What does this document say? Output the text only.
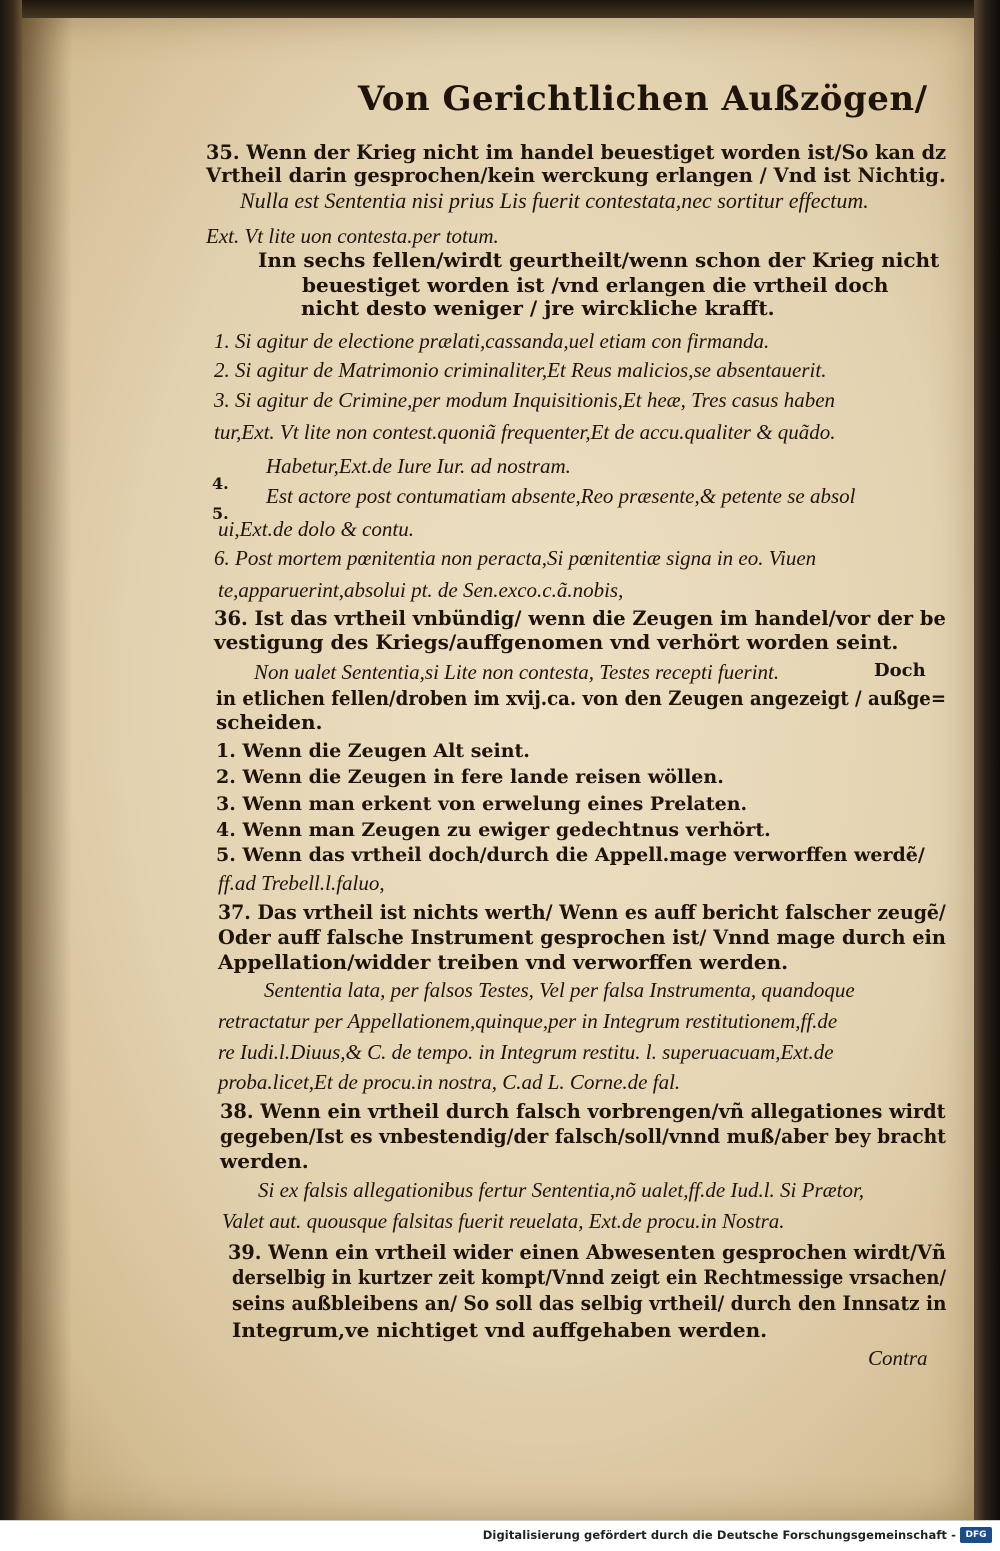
Von Gerichtlichen Außzögen/
35. Wenn der Krieg nicht im handel beuestiget worden ist/So kan dz
Vrtheil darin gesprochen/kein werckung erlangen / Vnd ist Nichtig.
Nulla est Sententia nisi prius Lis fuerit contestata,nec sortitur effectum.
Ext. Vt lite uon contesta.per totum.
Inn sechs fellen/wirdt geurtheilt/wenn schon der Krieg nicht
beuestiget worden ist /vnd erlangen die vrtheil doch
nicht desto weniger / jre wircklichе krafft.
1. Si agitur de electione prælati,cassanda,uel etiam con firmanda.
2. Si agitur de Matrimonio criminaliter,Et Reus malicios,se absentauerit.
3. Si agitur de Crimine,per modum Inquisitionis,Et heæ, Tres casus haben
tur,Ext. Vt lite non contest.quoniã frequenter,Et de accu.qualiter & quãdo.
Habetur,Ext.de Iure Iur. ad nostram.
4.
Est actore post contumatiam absente,Reo præsente,& petente se absol
5.
ui,Ext.de dolo & contu.
6. Post mortem pœnitentia non peracta,Si pœnitentiæ signa in eo. Viuen
te,apparuerint,absolui pt. de Sen.exco.c.ã.nobis,
36. Ist das vrtheil vnbündig/ wenn die Zeugen im handel/vor der be
vestigung des Kriegs/auffgenomen vnd verhört worden seint.
Non ualet Sententia,si Lite non contesta, Testes recepti fuerint.	Doch
in etlichen fellen/droben im xvij.ca. von den Zeugen angezeigt / außge=
scheiden.
1. Wenn die Zeugen Alt seint.
2. Wenn die Zeugen in fere lande reisen wöllen.
3. Wenn man erkent von erwelung eines Prelaten.
4. Wenn man Zeugen zu ewiger gedechtnus verhört.
5. Wenn das vrtheil doch/durch die Appell.mage verworffen werdẽ/
ff.ad Trebell.l.faluo,
37. Das vrtheil ist nichts werth/ Wenn es auff bericht falscher zeugẽ/
Oder auff falsche Instrument gesprochen ist/ Vnnd mage durch ein
Appellation/widder treiben vnd verworffen werden.
Sententia lata, per falsos Testes, Vel per falsa Instrumenta, quandoque
retractatur per Appellationem,quinque,per in Integrum restitutionem,ff.de
re Iudi.l.Diuus,& C. de tempo. in Integrum restitu. l. superuacuam,Ext.de
proba.licet,Et de procu.in nostra, C.ad L. Corne.de fal.
38. Wenn ein vrtheil durch falsch vorbrengen/vñ allegationes wirdt
gegeben/Ist es vnbestendig/der falsch/soll/vnnd muß/aber bey bracht
werden.
Si ex falsis allegationibus fertur Sententia,nõ ualet,ff.de Iud.l. Si Prætor,
Valet aut. quousque falsitas fuerit reuelata, Ext.de procu.in Nostra.
39. Wenn ein vrtheil wider einen Abwesenten gesprochen wirdt/Vñ
derselbig in kurtzer zeit kompt/Vnnd zeigt ein Rechtmessige vrsachen/
seins außbleibens an/ So soll das selbig vrtheil/ durch den Innsatz in
Integrum,ve nichtiget vnd auffgehaben werden.
Contra
Digitalisierung gefördert durch die Deutsche Forschungsgemeinschaft -	DFG
